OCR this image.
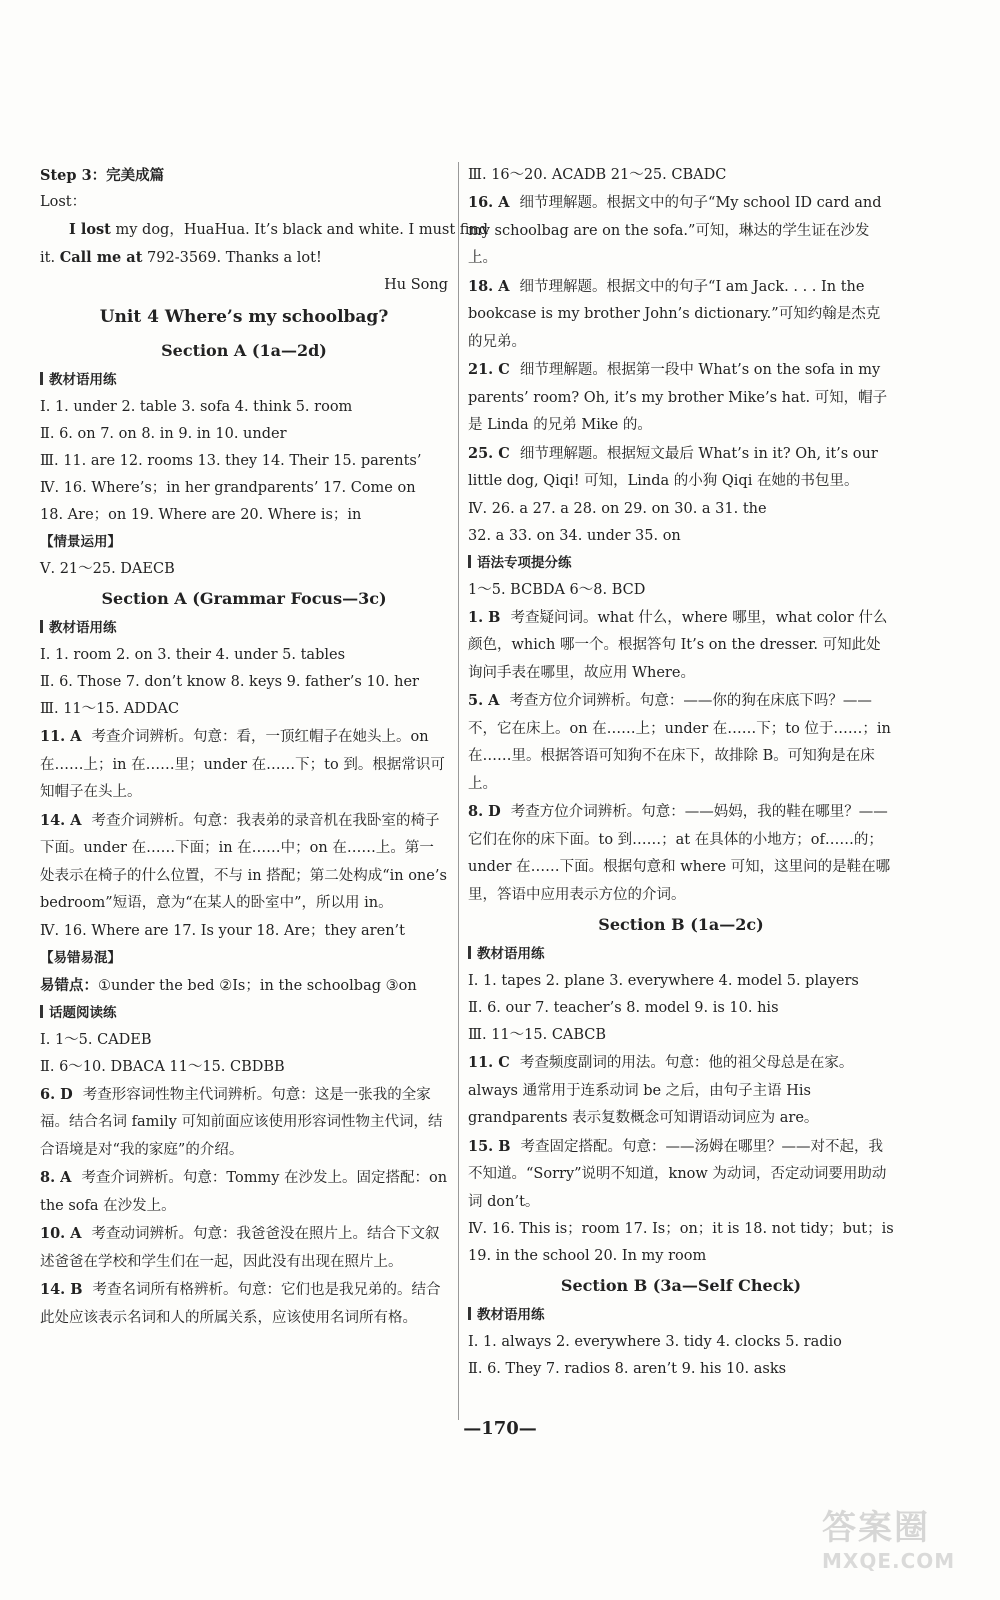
Step 3：完美成篇
Lost：
I lost my dog，HuaHua. It’s black and white. I must find
it. Call me at 792-3569. Thanks a lot!
Hu Song
Unit 4 Where’s my schoolbag?
Section A (1a—2d)
教材语用练
Ⅰ. 1. under 2. table 3. sofa 4. think 5. room
Ⅱ. 6. on 7. on 8. in 9. in 10. under
Ⅲ. 11. are 12. rooms 13. they 14. Their 15. parents’
Ⅳ. 16. Where’s；in her grandparents’ 17. Come on
18. Are；on 19. Where are 20. Where is；in
【情景运用】
Ⅴ. 21～25. DAECB
Section A (Grammar Focus—3c)
教材语用练
Ⅰ. 1. room 2. on 3. their 4. under 5. tables
Ⅱ. 6. Those 7. don’t know 8. keys 9. father’s 10. her
Ⅲ. 11～15. ADDAC
11. A 考查介词辨析。句意：看，一顶红帽子在她头上。on 在……上；in 在……里；under 在……下；to 到。根据常识可知帽子在头上。
14. A 考查介词辨析。句意：我表弟的录音机在我卧室的椅子下面。under 在……下面；in 在……中；on 在……上。第一处表示在椅子的什么位置，不与 in 搭配；第二处构成“in one’s bedroom”短语，意为“在某人的卧室中”，所以用 in。
Ⅳ. 16. Where are 17. Is your 18. Are；they aren’t
【易错易混】
易错点：①under the bed ②Is；in the schoolbag ③on
话题阅读练
Ⅰ. 1～5. CADEB
Ⅱ. 6～10. DBACA 11～15. CBDBB
6. D 考查形容词性物主代词辨析。句意：这是一张我的全家福。结合名词 family 可知前面应该使用形容词性物主代词，结合语境是对“我的家庭”的介绍。
8. A 考查介词辨析。句意：Tommy 在沙发上。固定搭配：on the sofa 在沙发上。
10. A 考查动词辨析。句意：我爸爸没在照片上。结合下文叙述爸爸在学校和学生们在一起，因此没有出现在照片上。
14. B 考查名词所有格辨析。句意：它们也是我兄弟的。结合此处应该表示名词和人的所属关系，应该使用名词所有格。
Ⅲ. 16～20. ACADB 21～25. CBADC
16. A 细节理解题。根据文中的句子“My school ID card and my schoolbag are on the sofa.”可知，琳达的学生证在沙发上。
18. A 细节理解题。根据文中的句子“I am Jack. . . . In the bookcase is my brother John’s dictionary.”可知约翰是杰克的兄弟。
21. C 细节理解题。根据第一段中 What’s on the sofa in my parents’ room? Oh, it’s my brother Mike’s hat. 可知，帽子是 Linda 的兄弟 Mike 的。
25. C 细节理解题。根据短文最后 What’s in it? Oh, it’s our little dog, Qiqi! 可知，Linda 的小狗 Qiqi 在她的书包里。
Ⅳ. 26. a 27. a 28. on 29. on 30. a 31. the
32. a 33. on 34. under 35. on
语法专项提分练
1～5. BCBDA 6～8. BCD
1. B 考查疑问词。what 什么，where 哪里，what color 什么颜色，which 哪一个。根据答句 It’s on the dresser. 可知此处询问手表在哪里，故应用 Where。
5. A 考查方位介词辨析。句意：——你的狗在床底下吗？——不，它在床上。on 在……上；under 在……下；to 位于……；in 在……里。根据答语可知狗不在床下，故排除 B。可知狗是在床上。
8. D 考查方位介词辨析。句意：——妈妈，我的鞋在哪里？——它们在你的床下面。to 到……；at 在具体的小地方；of……的；under 在……下面。根据句意和 where 可知，这里问的是鞋在哪里，答语中应用表示方位的介词。
Section B (1a—2c)
教材语用练
Ⅰ. 1. tapes 2. plane 3. everywhere 4. model 5. players
Ⅱ. 6. our 7. teacher’s 8. model 9. is 10. his
Ⅲ. 11～15. CABCB
11. C 考查频度副词的用法。句意：他的祖父母总是在家。always 通常用于连系动词 be 之后，由句子主语 His grandparents 表示复数概念可知谓语动词应为 are。
15. B 考查固定搭配。句意：——汤姆在哪里？——对不起，我不知道。“Sorry”说明不知道，know 为动词，否定动词要用助动词 don’t。
Ⅳ. 16. This is；room 17. Is；on；it is 18. not tidy；but；is
19. in the school 20. In my room
Section B (3a—Self Check)
教材语用练
Ⅰ. 1. always 2. everywhere 3. tidy 4. clocks 5. radio
Ⅱ. 6. They 7. radios 8. aren’t 9. his 10. asks
—170—
答案圈
MXQE.COM
